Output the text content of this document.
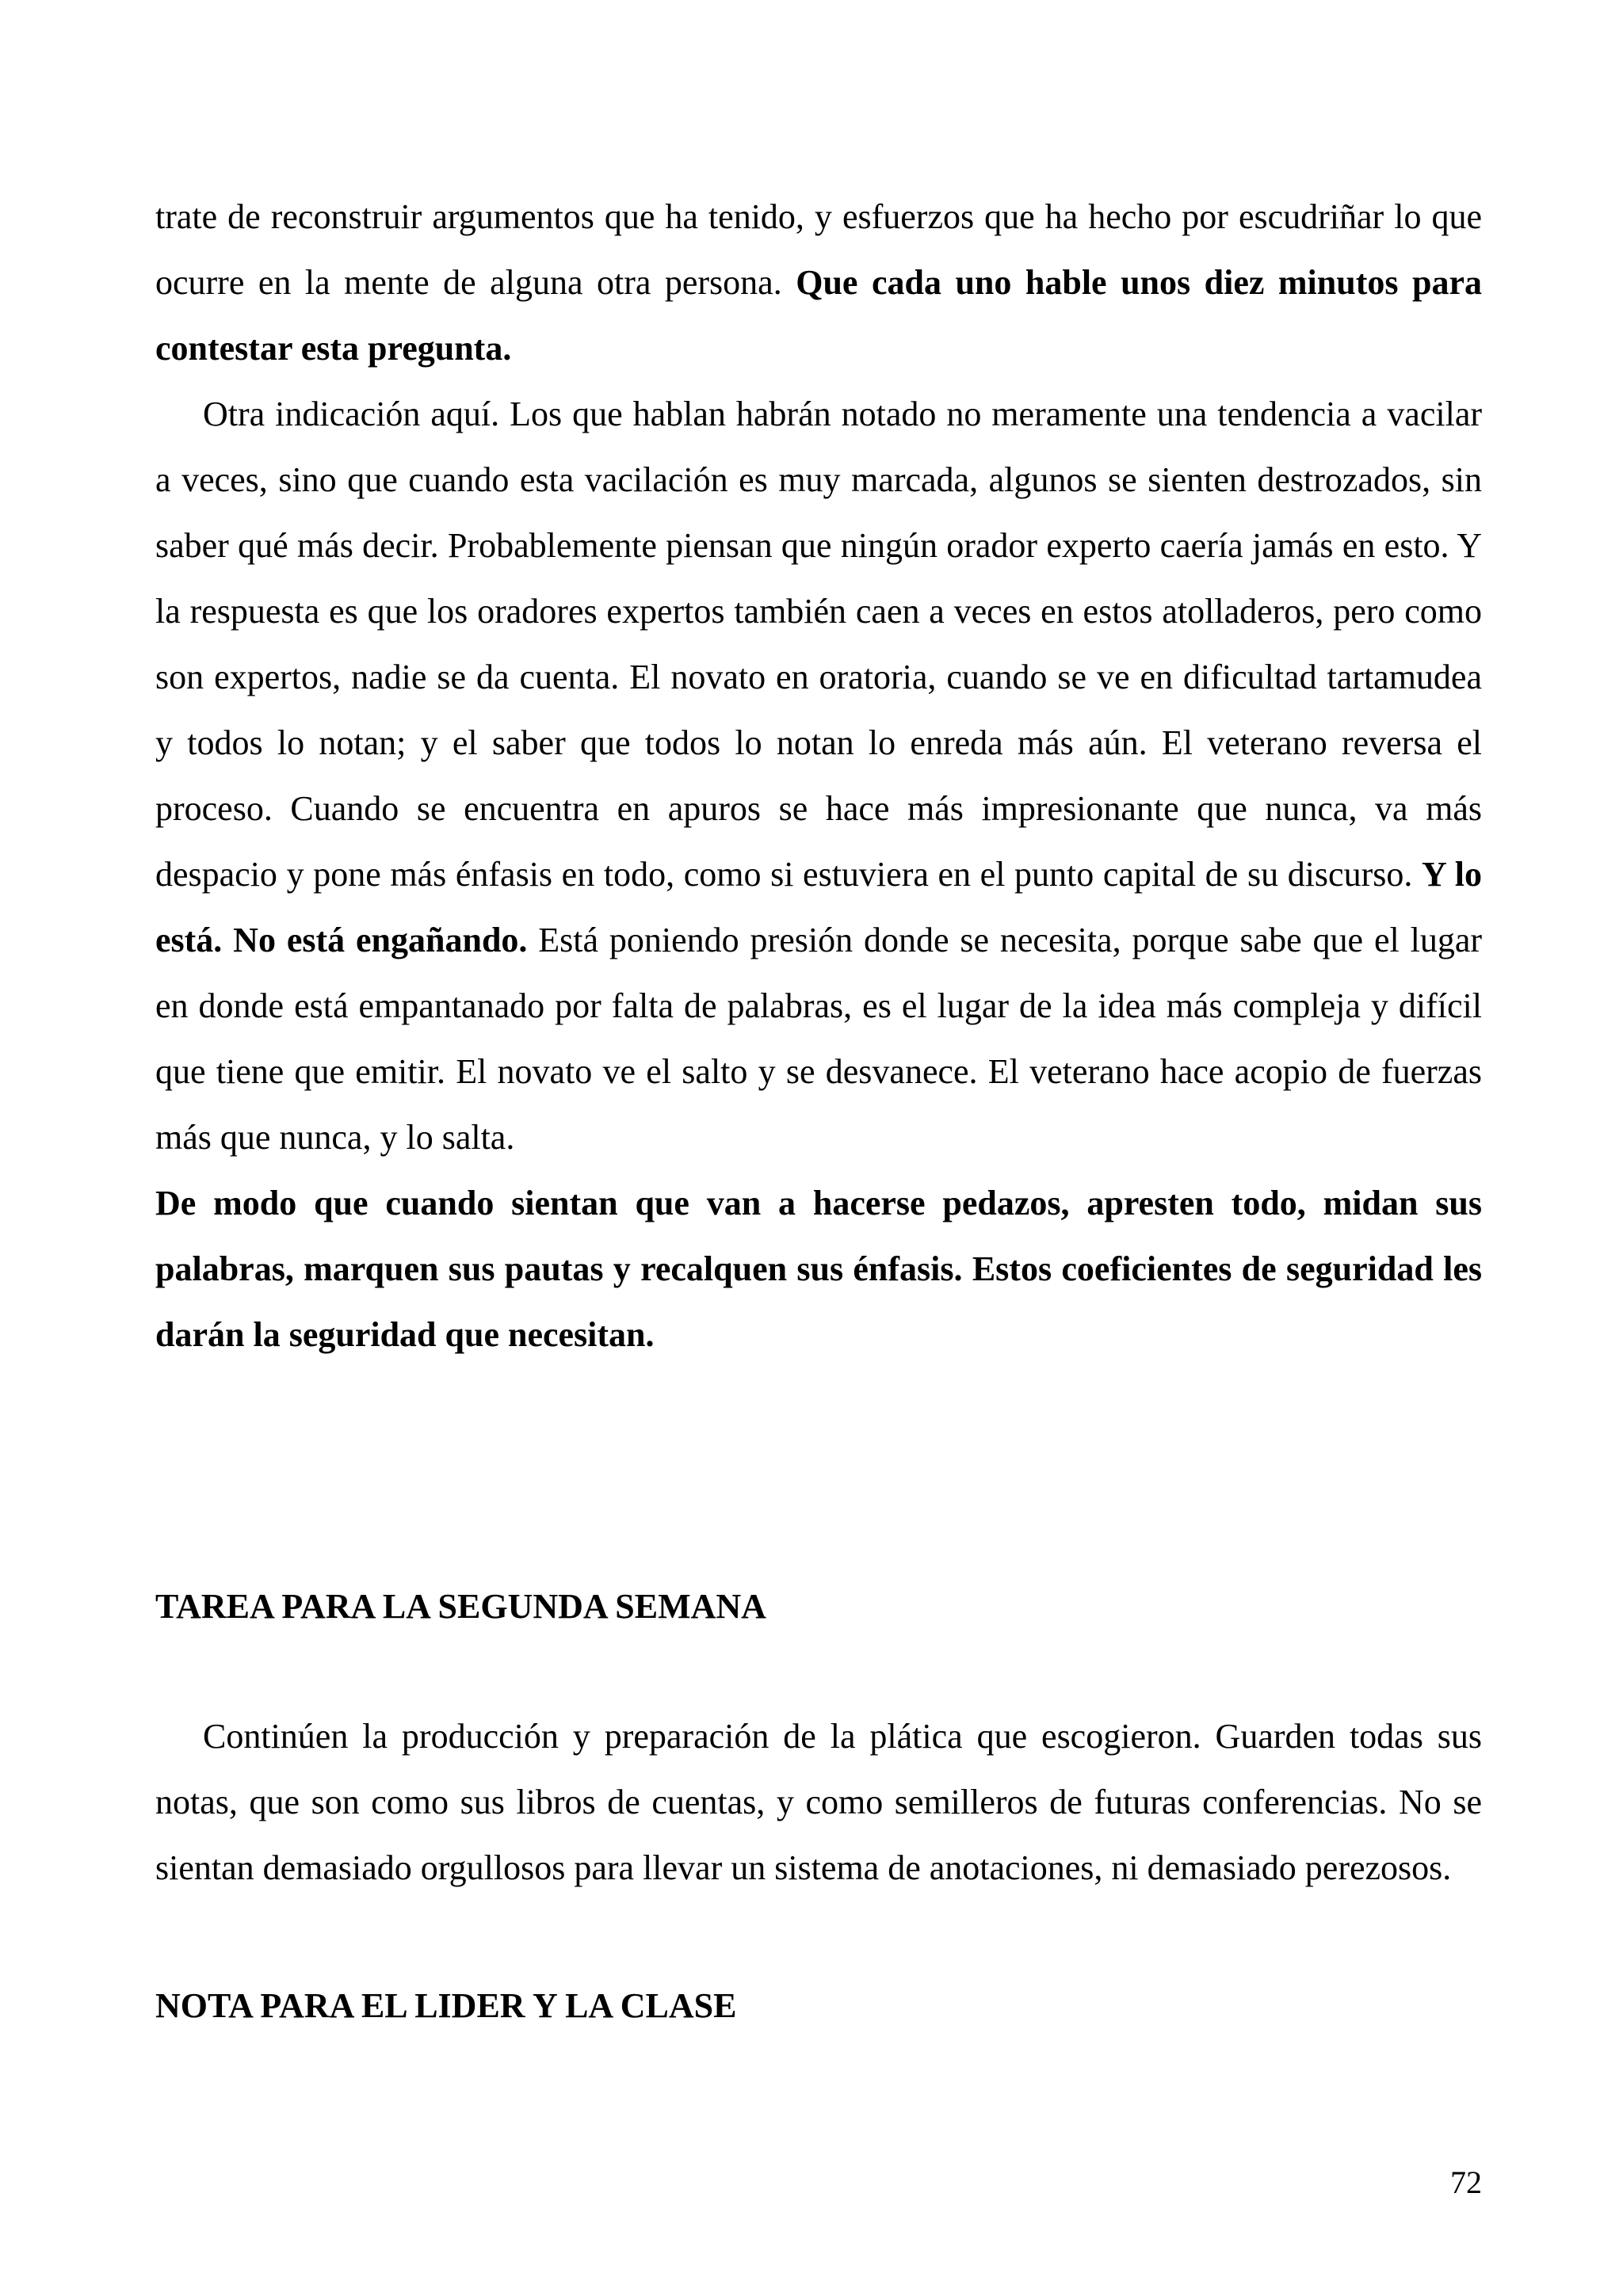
trate de reconstruir argumentos que ha tenido, y esfuerzos que ha hecho por escudriñar lo que ocurre en la mente de alguna otra persona. Que cada uno hable unos diez minutos para contestar esta pregunta.

Otra indicación aquí. Los que hablan habrán notado no meramente una tendencia a vacilar a veces, sino que cuando esta vacilación es muy marcada, algunos se sienten destrozados, sin saber qué más decir. Probablemente piensan que ningún orador experto caería jamás en esto. Y la respuesta es que los oradores expertos también caen a veces en estos atolladeros, pero como son expertos, nadie se da cuenta. El novato en oratoria, cuando se ve en dificultad tartamudea y todos lo notan; y el saber que todos lo notan lo enreda más aún. El veterano reversa el proceso. Cuando se encuentra en apuros se hace más impresionante que nunca, va más despacio y pone más énfasis en todo, como si estuviera en el punto capital de su discurso. Y lo está. No está engañando. Está poniendo presión donde se necesita, porque sabe que el lugar en donde está empantanado por falta de palabras, es el lugar de la idea más compleja y difícil que tiene que emitir. El novato ve el salto y se desvanece. El veterano hace acopio de fuerzas más que nunca, y lo salta.

De modo que cuando sientan que van a hacerse pedazos, apresten todo, midan sus palabras, marquen sus pautas y recalquen sus énfasis. Estos coeficientes de seguridad les darán la seguridad que necesitan.

TAREA PARA LA SEGUNDA SEMANA

Continúen la producción y preparación de la plática que escogieron. Guarden todas sus notas, que son como sus libros de cuentas, y como semilleros de futuras conferencias. No se sientan demasiado orgullosos para llevar un sistema de anotaciones, ni demasiado perezosos.

NOTA PARA EL LIDER Y LA CLASE
72
